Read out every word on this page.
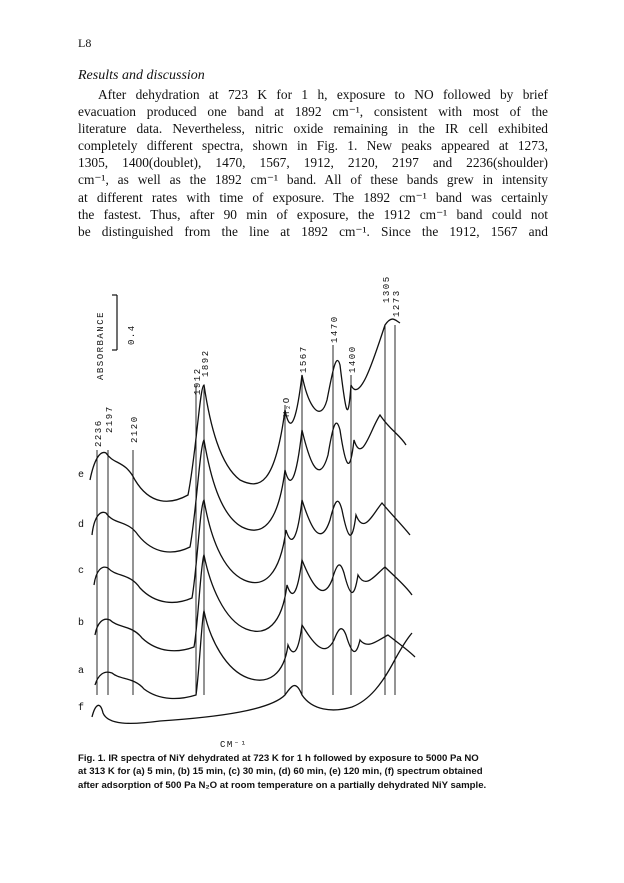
L8
Results and discussion

After dehydration at 723 K for 1 h, exposure to NO followed by brief
evacuation produced one band at 1892 cm⁻¹, consistent with most of the
literature data. Nevertheless, nitric oxide remaining in the IR cell exhibited
completely different spectra, shown in Fig. 1. New peaks appeared at 1273,
1305, 1400(doublet), 1470, 1567, 1912, 2120, 2197 and 2236(shoulder)
cm⁻¹, as well as the 1892 cm⁻¹ band. All of these bands grew in intensity
at different rates with time of exposure. The 1892 cm⁻¹ band was certainly
the fastest. Thus, after 90 min of exposure, the 1912 cm⁻¹ band could not
be distinguished from the line at 1892 cm⁻¹. Since the 1912, 1567 and

ABSORBANCE 0.4
2236
2197 2120
1912
1892
H₂O
1567
1470
1400
1305
1273
e
d
c
b
a
f
CM⁻¹

Fig. 1. IR spectra of NiY dehydrated at 723 K for 1 h followed by exposure to 5000 Pa NO
at 313 K for (a) 5 min, (b) 15 min, (c) 30 min, (d) 60 min, (e) 120 min, (f) spectrum obtained
after adsorption of 500 Pa N₂O at room temperature on a partially dehydrated NiY sample.
